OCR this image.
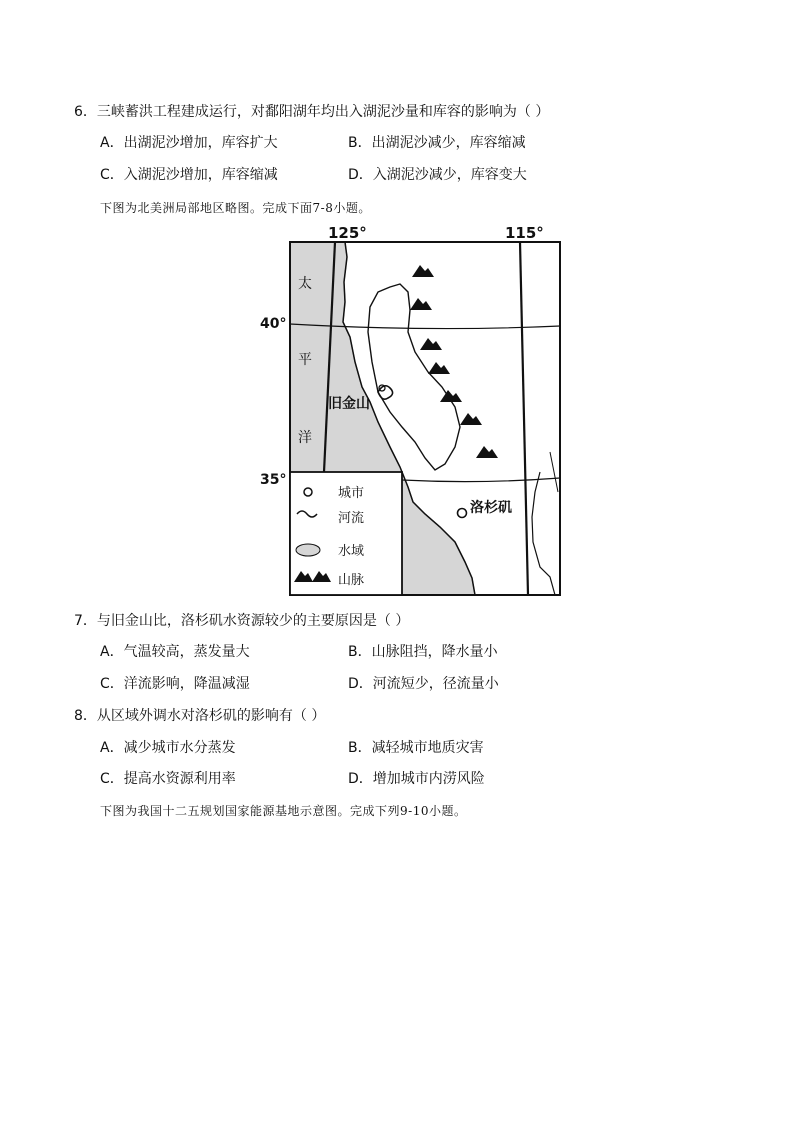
6．三峡蓄洪工程建成运行，对鄱阳湖年均出入湖泥沙量和库容的影响为（ ）
A．出湖泥沙增加，库容扩大	B．出湖泥沙减少，库容缩减
C．入湖泥沙增加，库容缩减	D．入湖泥沙减少，库容变大
下图为北美洲局部地区略图。完成下面7-8小题。
125°	115°
40°
35°
太
平
洋
旧金山
洛杉矶
城市
河流
水域
山脉
7．与旧金山比，洛杉矶水资源较少的主要原因是（ ）
A．气温较高，蒸发量大	B．山脉阻挡，降水量小
C．洋流影响，降温减湿	D．河流短少，径流量小
8．从区域外调水对洛杉矶的影响有（ ）
A．减少城市水分蒸发	B．减轻城市地质灾害
C．提高水资源利用率	D．增加城市内涝风险
下图为我国十二五规划国家能源基地示意图。完成下列9-10小题。
